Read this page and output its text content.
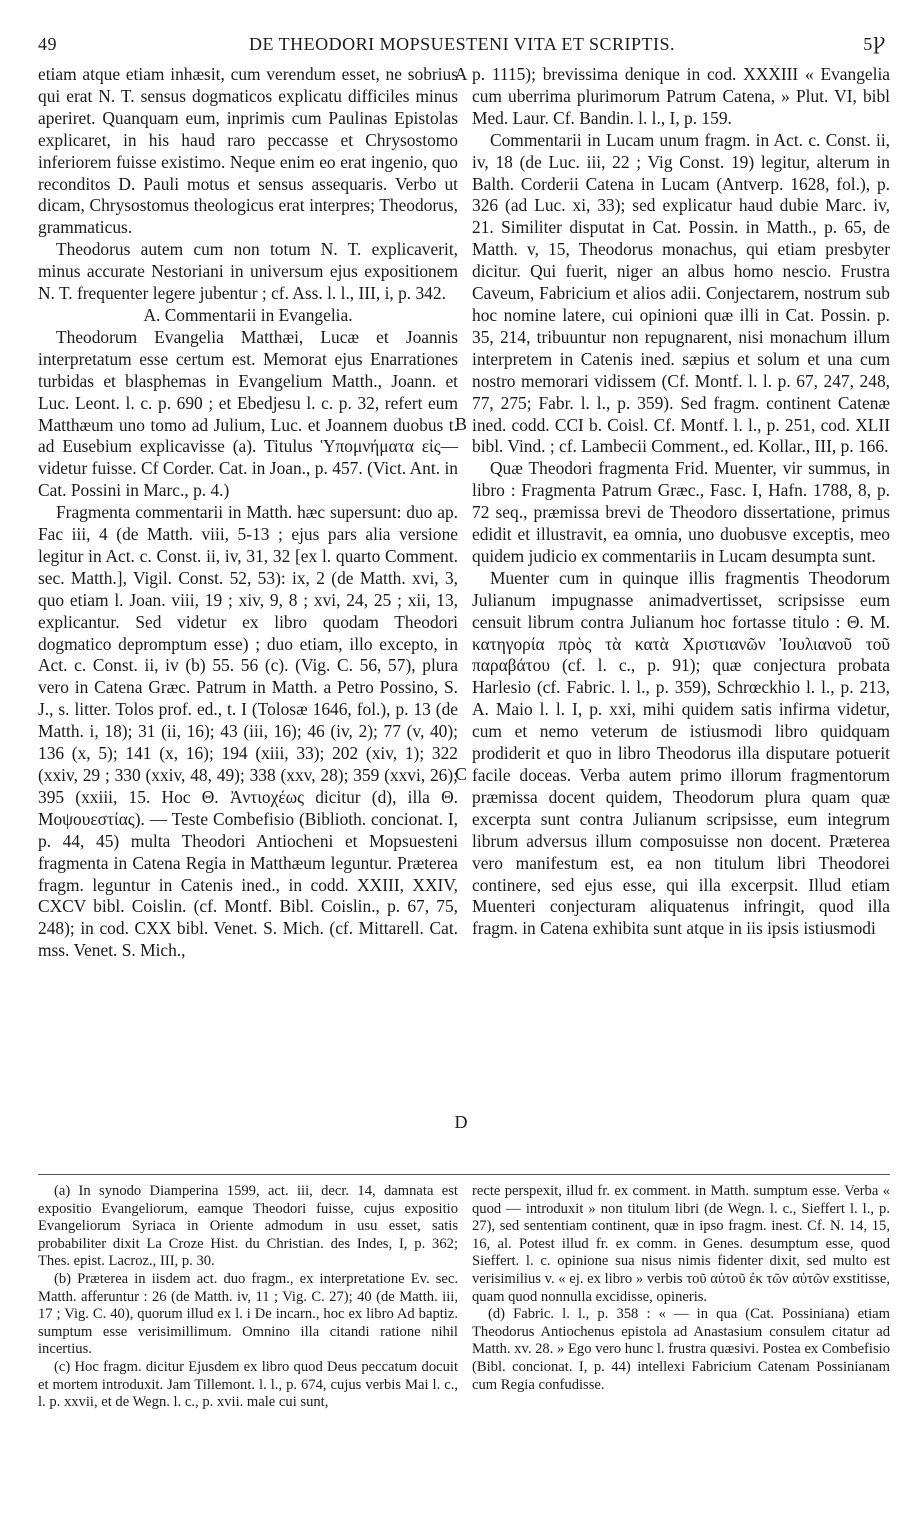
49	DE THEODORI MOPSUESTENI VITA ET SCRIPTIS.	5Ꝩ

etiam atque etiam inhæsit, cum verendum esset, ne sobrius qui erat N. T. sensus dogmaticos explicatu difficiles minus aperiret. Quanquam eum, inprimis cum Paulinas Epistolas explicaret, in his haud raro peccasse et Chrysostomo inferiorem fuisse existimo. Neque enim eo erat ingenio, quo reconditos D. Pauli motus et sensus assequaris. Verbo ut dicam, Chrysostomus theologicus erat interpres; Theodorus, grammaticus.

Theodorus autem cum non totum N. T. explicaverit, minus accurate Nestoriani in universum ejus expositionem N. T. frequenter legere jubentur ; cf. Ass. l. l., III, i, p. 342.

A. Commentarii in Evangelia.

Theodorum Evangelia Matthæi, Lucæ et Joannis interpretatum esse certum est. Memorat ejus Enarrationes turbidas et blasphemas in Evangelium Matth., Joann. et Luc. Leont. l. c. p. 690 ; et Ebedjesu l. c. p. 32, refert eum Matthæum uno tomo ad Julium, Luc. et Joannem duobus t. ad Eusebium explicavisse (a). Titulus Ὑπομνήματα εἰς—videtur fuisse. Cf Corder. Cat. in Joan., p. 457. (Vict. Ant. in Cat. Possini in Marc., p. 4.)

Fragmenta commentarii in Matth. hæc supersunt: duo ap. Fac iii, 4 (de Matth. viii, 5-13 ; ejus pars alia versione legitur in Act. c. Const. ii, iv, 31, 32 [ex l. quarto Comment. sec. Matth.], Vigil. Const. 52, 53): ix, 2 (de Matth. xvi, 3, quo etiam l. Joan. viii, 19 ; xiv, 9, 8 ; xvi, 24, 25 ; xii, 13, explicantur. Sed videtur ex libro quodam Theodori dogmatico depromptum esse) ; duo etiam, illo excepto, in Act. c. Const. ii, iv (b) 55. 56 (c). (Vig. C. 56, 57), plura vero in Catena Græc. Patrum in Matth. a Petro Possino, S. J., s. litter. Tolos prof. ed., t. I (Tolosæ 1646, fol.), p. 13 (de Matth. i, 18); 31 (ii, 16); 43 (iii, 16); 46 (iv, 2); 77 (v, 40); 136 (x, 5); 141 (x, 16); 194 (xiii, 33); 202 (xiv, 1); 322 (xxiv, 29 ; 330 (xxiv, 48, 49); 338 (xxv, 28); 359 (xxvi, 26); 395 (xxiii, 15. Hoc Θ. Ἀντιοχέως dicitur (d), illa Θ. Μοψουεστίας). — Teste Combefisio (Biblioth. concionat. I, p. 44, 45) multa Theodori Antiocheni et Mopsuesteni fragmenta in Catena Regia in Matthæum leguntur. Præterea fragm. leguntur in Catenis ined., in codd. XXIII, XXIV, CXCV bibl. Coislin. (cf. Montf. Bibl. Coislin., p. 67, 75, 248); in cod. CXX bibl. Venet. S. Mich. (cf. Mittarell. Cat. mss. Venet. S. Mich.,

A
B
C
D

p. 1115); brevissima denique in cod. XXXIII « Evangelia cum uberrima plurimorum Patrum Catena, » Plut. VI, bibl Med. Laur. Cf. Bandin. l. l., I, p. 159.

Commentarii in Lucam unum fragm. in Act. c. Const. ii, iv, 18 (de Luc. iii, 22 ; Vig Const. 19) legitur, alterum in Balth. Corderii Catena in Lucam (Antverp. 1628, fol.), p. 326 (ad Luc. xi, 33); sed explicatur haud dubie Marc. iv, 21. Similiter disputat in Cat. Possin. in Matth., p. 65, de Matth. v, 15, Theodorus monachus, qui etiam presbyter dicitur. Qui fuerit, niger an albus homo nescio. Frustra Caveum, Fabricium et alios adii. Conjectarem, nostrum sub hoc nomine latere, cui opinioni quæ illi in Cat. Possin. p. 35, 214, tribuuntur non repugnarent, nisi monachum illum interpretem in Catenis ined. sæpius et solum et una cum nostro memorari vidissem (Cf. Montf. l. l. p. 67, 247, 248, 77, 275; Fabr. l. l., p. 359). Sed fragm. continent Catenæ ined. codd. CCI b. Coisl. Cf. Montf. l. l., p. 251, cod. XLII bibl. Vind. ; cf. Lambecii Comment., ed. Kollar., III, p. 166.

Quæ Theodori fragmenta Frid. Muenter, vir summus, in libro : Fragmenta Patrum Græc., Fasc. I, Hafn. 1788, 8, p. 72 seq., præmissa brevi de Theodoro dissertatione, primus edidit et illustravit, ea omnia, uno duobusve exceptis, meo quidem judicio ex commentariis in Lucam desumpta sunt.

Muenter cum in quinque illis fragmentis Theodorum Julianum impugnasse animadvertisset, scripsisse eum censuit librum contra Julianum hoc fortasse titulo : Θ. Μ. κατηγορία πρὸς τὰ κατὰ Χριστιανῶν Ἰουλιανοῦ τοῦ παραβάτου (cf. l. c., p. 91); quæ conjectura probata Harlesio (cf. Fabric. l. l., p. 359), Schrœckhio l. l., p. 213, A. Maio l. l. I, p. xxi, mihi quidem satis infirma videtur, cum et nemo veterum de istiusmodi libro quidquam prodiderit et quo in libro Theodorus illa disputare potuerit facile doceas. Verba autem primo illorum fragmentorum præmissa docent quidem, Theodorum plura quam quæ excerpta sunt contra Julianum scripsisse, eum integrum librum adversus illum composuisse non docent. Præterea vero manifestum est, ea non titulum libri Theodorei continere, sed ejus esse, qui illa excerpsit. Illud etiam Muenteri conjecturam aliquatenus infringit, quod illa fragm. in Catena exhibita sunt atque in iis ipsis istiusmodi

(a) In synodo Diamperina 1599, act. iii, decr. 14, damnata est expositio Evangeliorum, eamque Theodori fuisse, cujus expositio Evangeliorum Syriaca in Oriente admodum in usu esset, satis probabiliter dixit La Croze Hist. du Christian. des Indes, I, p. 362; Thes. epist. Lacroz., III, p. 30.

(b) Præterea in iisdem act. duo fragm., ex interpretatione Ev. sec. Matth. afferuntur : 26 (de Matth. iv, 11 ; Vig. C. 27); 40 (de Matth. iii, 17 ; Vig. C. 40), quorum illud ex l. i De incarn., hoc ex libro Ad baptiz. sumptum esse verisimillimum. Omnino illa citandi ratione nihil incertius.

(c) Hoc fragm. dicitur Ejusdem ex libro quod Deus peccatum docuit et mortem introduxit. Jam Tillemont. l. l., p. 674, cujus verbis Mai l. c., l. p. xxvii, et de Wegn. l. c., p. xvii. male cui sunt,

recte perspexit, illud fr. ex comment. in Matth. sumptum esse. Verba « quod — introduxit » non titulum libri (de Wegn. l. c., Sieffert l. l., p. 27), sed sententiam continent, quæ in ipso fragm. inest. Cf. N. 14, 15, 16, al. Potest illud fr. ex comm. in Genes. desumptum esse, quod Sieffert. l. c. opinione sua nisus nimis fidenter dixit, sed multo est verisimilius v. « ej. ex libro » verbis τοῦ αὐτοῦ ἐκ τῶν αὐτῶν exstitisse, quam quod nonnulla excidisse, opineris.

(d) Fabric. l. l., p. 358 : « — in qua (Cat. Possiniana) etiam Theodorus Antiochenus epistola ad Anastasium consulem citatur ad Matth. xv. 28. » Ego vero hunc l. frustra quæsivi. Postea ex Combefisio (Bibl. concionat. I, p. 44) intellexi Fabricium Catenam Possinianam cum Regia confudisse.
